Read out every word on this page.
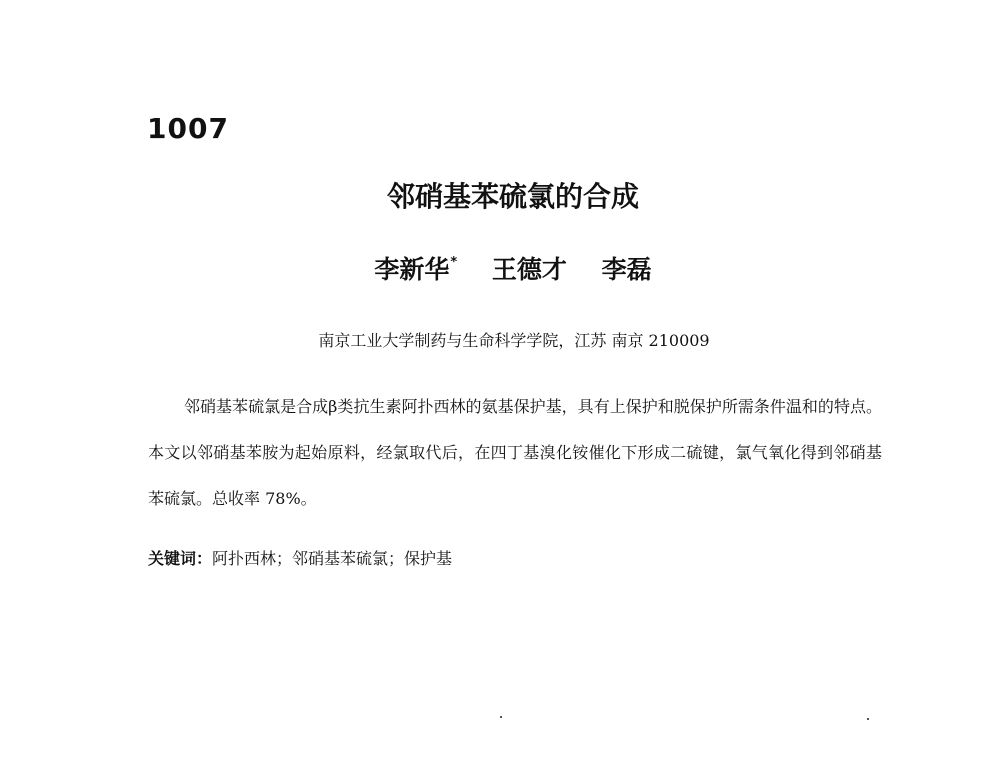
1007
邻硝基苯硫氯的合成
李新华* 王德才 李磊

南京工业大学制药与生命科学学院，江苏 南京 210009

邻硝基苯硫氯是合成β类抗生素阿扑西林的氨基保护基，具有上保护和脱保护所需条件温和的特点。本文以邻硝基苯胺为起始原料，经氯取代后，在四丁基溴化铵催化下形成二硫键，氯气氧化得到邻硝基苯硫氯。总收率 78%。

关键词：阿扑西林；邻硝基苯硫氯；保护基
